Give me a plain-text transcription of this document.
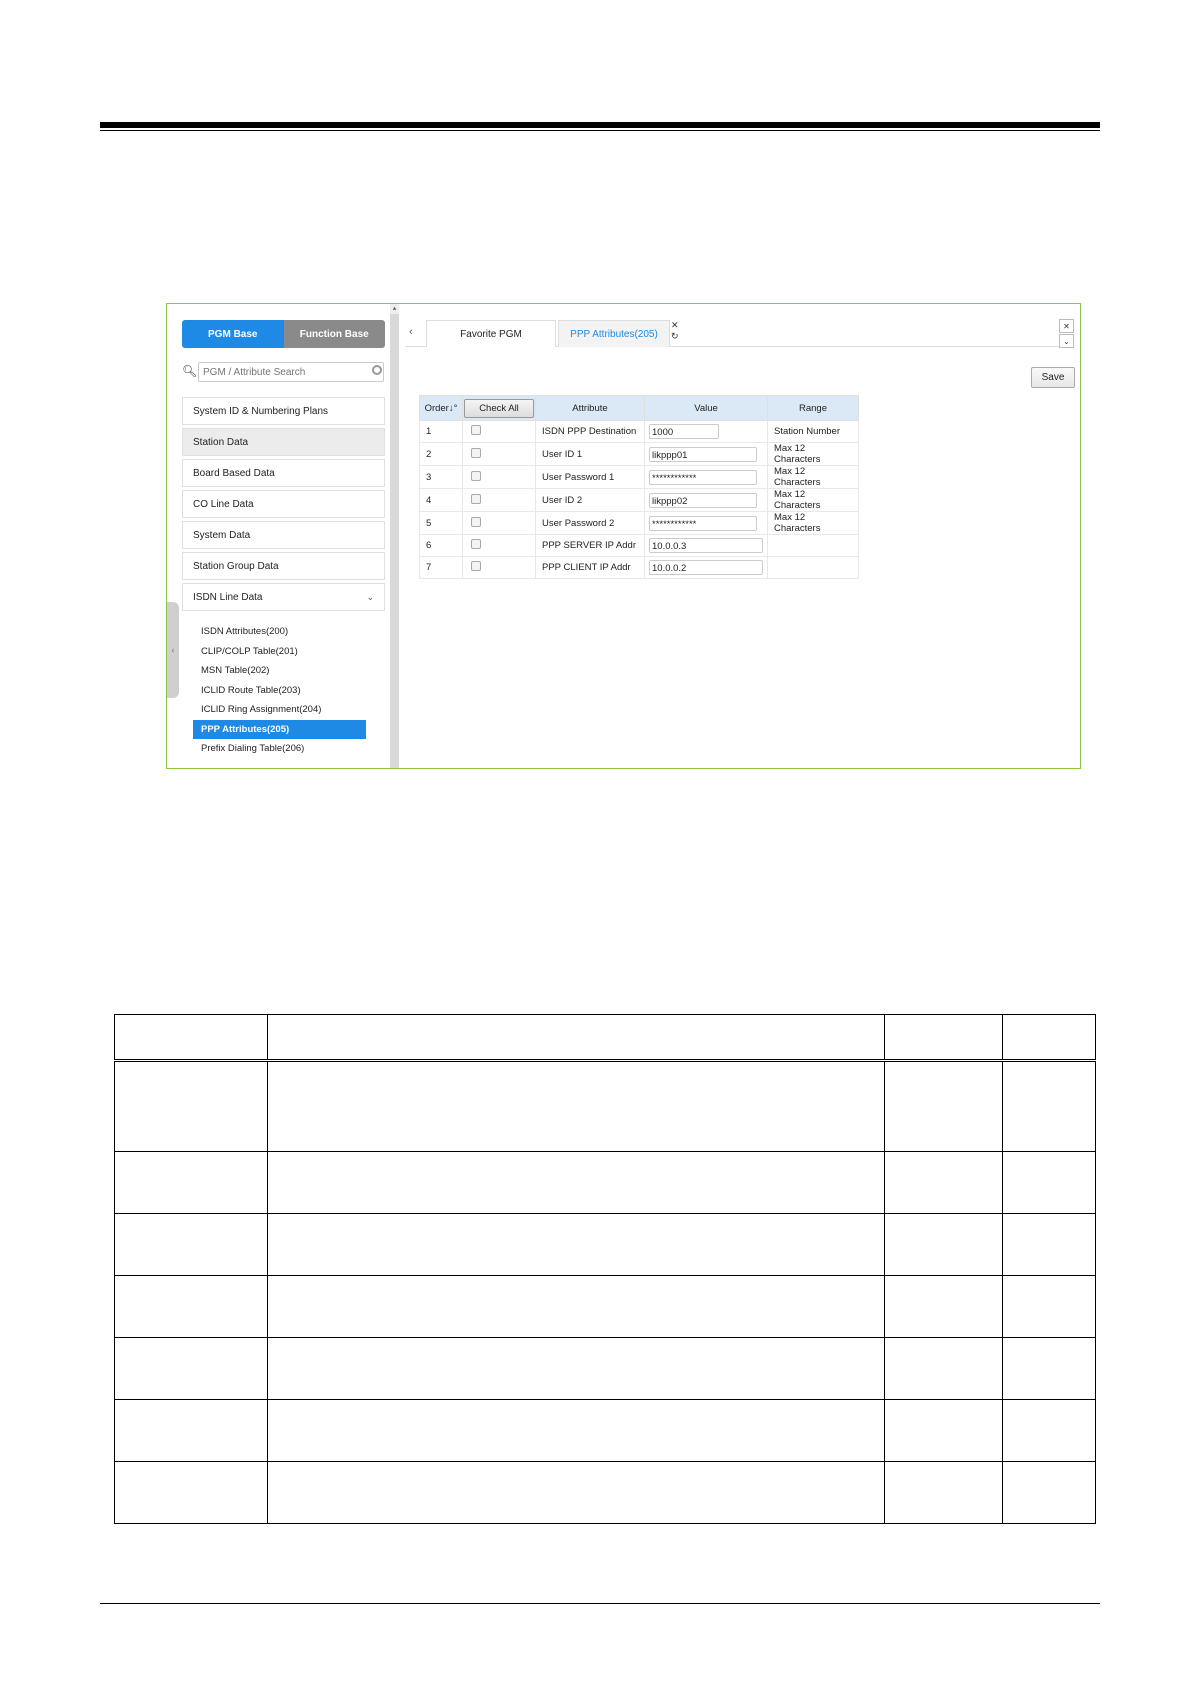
PGM Base	Function Base
🔍︎
PGM / Attribute Search
System ID & Numbering Plans
Station Data
Board Based Data
CO Line Data
System Data
Station Group Data
ISDN Line Data	⌄
ISDN Attributes(200)
CLIP/COLP Table(201)
MSN Table(202)
ICLID Route Table(203)
ICLID Ring Assignment(204)
PPP Attributes(205)
Prefix Dialing Table(206)
‹
▴
‹	Favorite PGM	PPP Attributes(205)
✕
↻
✕
⌄
Save
Order↓°	Check All	Attribute	Value	Range
1		ISDN PPP Destination	1000	Station Number
2		User ID 1	likppp01	Max 12 Characters
3		User Password 1	************	Max 12 Characters
4		User ID 2	likppp02	Max 12 Characters
5		User Password 2	************	Max 12 Characters
6		PPP SERVER IP Addr	10.0.0.3	
7		PPP CLIENT IP Addr	10.0.0.2	
